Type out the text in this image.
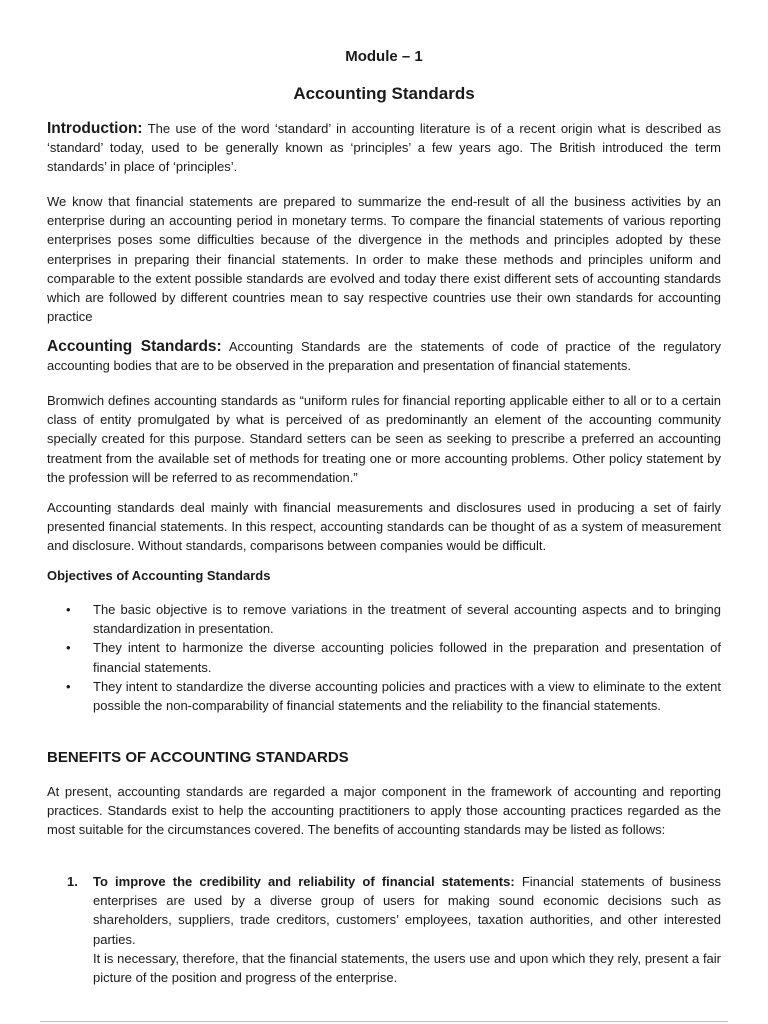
Module – 1
Accounting Standards

Introduction: The use of the word ‘standard’ in accounting literature is of a recent origin what is described as ‘standard’ today, used to be generally known as ‘principles’ a few years ago. The British introduced the term standards’ in place of ‘principles’.

We know that financial statements are prepared to summarize the end-result of all the business activities by an enterprise during an accounting period in monetary terms. To compare the financial statements of various reporting enterprises poses some difficulties because of the divergence in the methods and principles adopted by these enterprises in preparing their financial statements. In order to make these methods and principles uniform and comparable to the extent possible standards are evolved and today there exist different sets of accounting standards which are followed by different countries mean to say respective countries use their own standards for accounting practice

Accounting Standards: Accounting Standards are the statements of code of practice of the regulatory accounting bodies that are to be observed in the preparation and presentation of financial statements.

Bromwich defines accounting standards as “uniform rules for financial reporting applicable either to all or to a certain class of entity promulgated by what is perceived of as predominantly an element of the accounting community specially created for this purpose. Standard setters can be seen as seeking to prescribe a preferred an accounting treatment from the available set of methods for treating one or more accounting problems. Other policy statement by the profession will be referred to as recommendation.”

Accounting standards deal mainly with financial measurements and disclosures used in producing a set of fairly presented financial statements. In this respect, accounting standards can be thought of as a system of measurement and disclosure. Without standards, comparisons between companies would be difficult.

Objectives of Accounting Standards
• The basic objective is to remove variations in the treatment of several accounting aspects and to bringing standardization in presentation.
• They intent to harmonize the diverse accounting policies followed in the preparation and presentation of financial statements.
• They intent to standardize the diverse accounting policies and practices with a view to eliminate to the extent possible the non-comparability of financial statements and the reliability to the financial statements.
BENEFITS OF ACCOUNTING STANDARDS

At present, accounting standards are regarded a major component in the framework of accounting and reporting practices. Standards exist to help the accounting practitioners to apply those accounting practices regarded as the most suitable for the circumstances covered. The benefits of accounting standards may be listed as follows:

1. To improve the credibility and reliability of financial statements: Financial statements of business enterprises are used by a diverse group of users for making sound economic decisions such as shareholders, suppliers, trade creditors, customers’ employees, taxation authorities, and other interested parties.
It is necessary, therefore, that the financial statements, the users use and upon which they rely, present a fair picture of the position and progress of the enterprise.
